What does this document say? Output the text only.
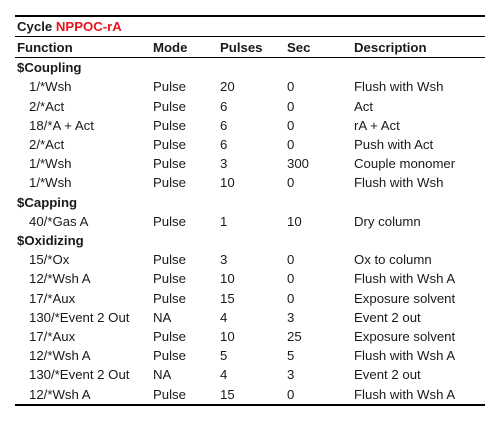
Cycle NPPOC-rA				
Function	Mode	Pulses	Sec	Description
$Coupling				
1/*Wsh	Pulse	20	0	Flush with Wsh
2/*Act	Pulse	6	0	Act
18/*A + Act	Pulse	6	0	rA + Act
2/*Act	Pulse	6	0	Push with Act
1/*Wsh	Pulse	3	300	Couple monomer
1/*Wsh	Pulse	10	0	Flush with Wsh
$Capping				
40/*Gas A	Pulse	1	10	Dry column
$Oxidizing				
15/*Ox	Pulse	3	0	Ox to column
12/*Wsh A	Pulse	10	0	Flush with Wsh A
17/*Aux	Pulse	15	0	Exposure solvent
130/*Event 2 Out	NA	4	3	Event 2 out
17/*Aux	Pulse	10	25	Exposure solvent
12/*Wsh A	Pulse	5	5	Flush with Wsh A
130/*Event 2 Out	NA	4	3	Event 2 out
12/*Wsh A	Pulse	15	0	Flush with Wsh A
